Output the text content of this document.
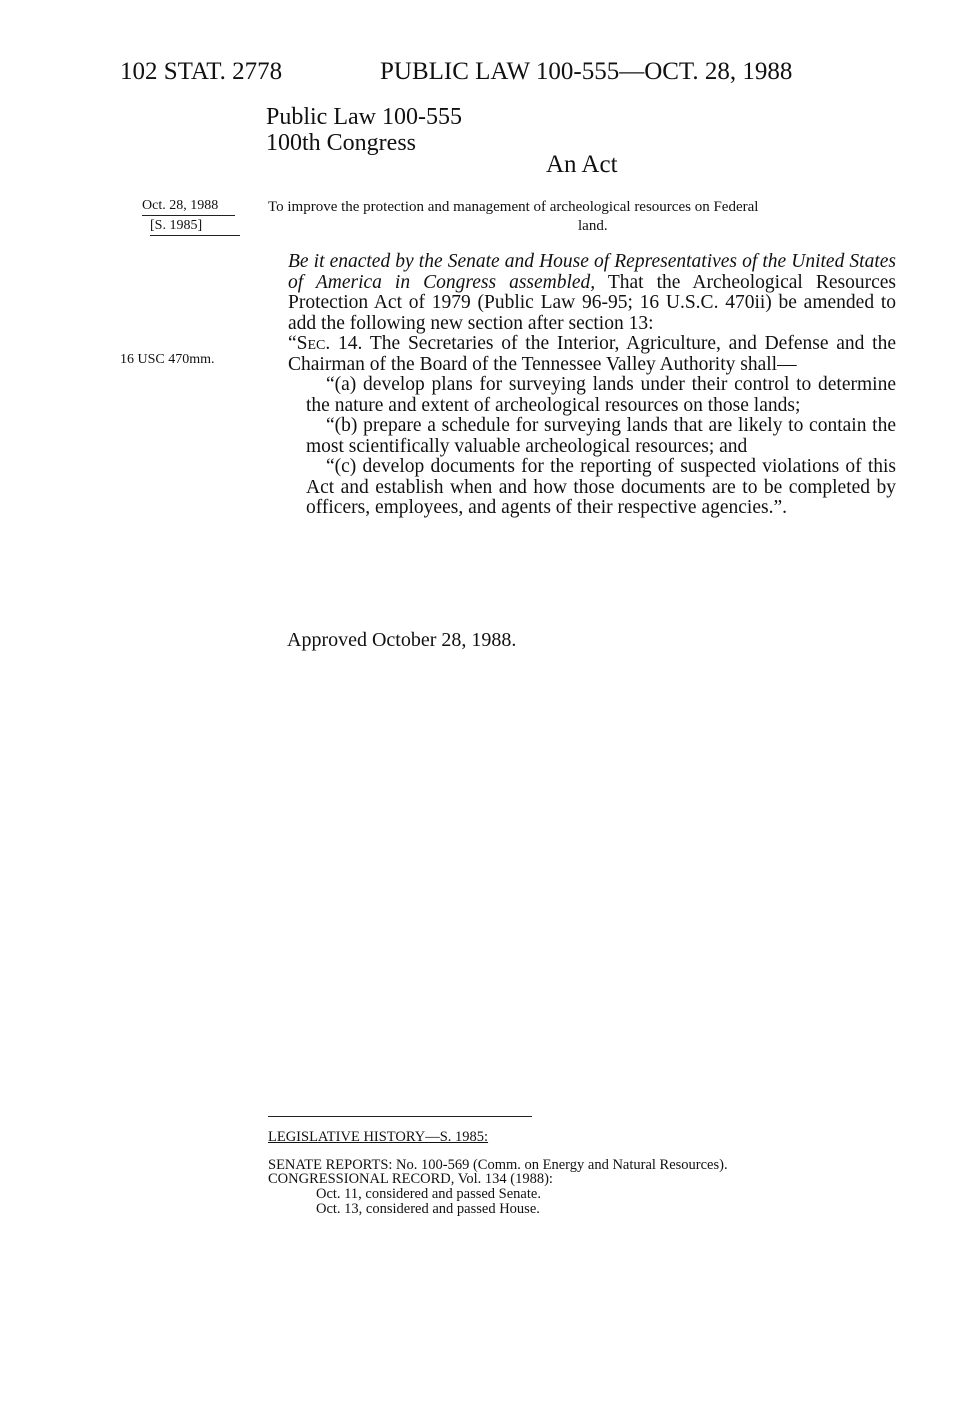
102 STAT. 2778	PUBLIC LAW 100-555—OCT. 28, 1988
Public Law 100-555
100th Congress
An Act
Oct. 28, 1988
[S. 1985]
16 USC 470mm.
To improve the protection and management of archeological resources on Federal
land.

Be it enacted by the Senate and House of Representatives of the United States of America in Congress assembled, That the Archeological Resources Protection Act of 1979 (Public Law 96-95; 16 U.S.C. 470ii) be amended to add the following new section after section 13:

“Sec. 14. The Secretaries of the Interior, Agriculture, and Defense and the Chairman of the Board of the Tennessee Valley Authority shall—

“(a) develop plans for surveying lands under their control to determine the nature and extent of archeological resources on those lands;

“(b) prepare a schedule for surveying lands that are likely to contain the most scientifically valuable archeological resources; and

“(c) develop documents for the reporting of suspected violations of this Act and establish when and how those documents are to be completed by officers, employees, and agents of their respective agencies.”.

Approved October 28, 1988.
LEGISLATIVE HISTORY—S. 1985:
SENATE REPORTS: No. 100-569 (Comm. on Energy and Natural Resources).
CONGRESSIONAL RECORD, Vol. 134 (1988):
Oct. 11, considered and passed Senate.
Oct. 13, considered and passed House.
